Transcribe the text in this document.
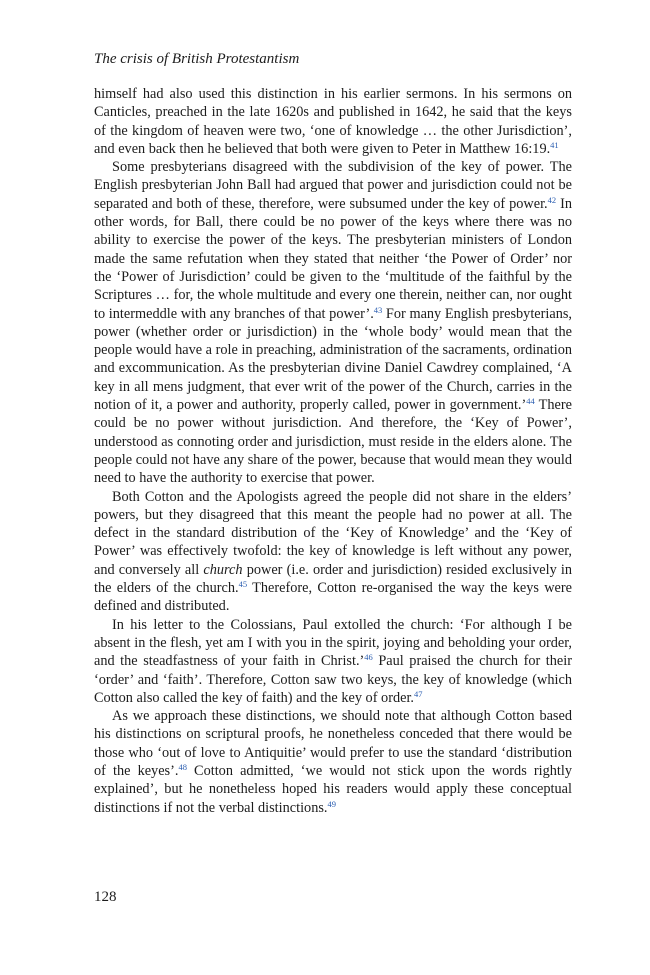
The crisis of British Protestantism

himself had also used this distinction in his earlier sermons. In his sermons on Canticles, preached in the late 1620s and published in 1642, he said that the keys of the kingdom of heaven were two, ‘one of knowledge … the other Jurisdiction’, and even back then he believed that both were given to Peter in Matthew 16:19.41

Some presbyterians disagreed with the subdivision of the key of power. The English presbyterian John Ball had argued that power and jurisdiction could not be separated and both of these, therefore, were subsumed under the key of power.$^{42}$ In other words, for Ball, there could be no power of the keys where there was no ability to exercise the power of the keys. The presbyterian ministers of London made the same refutation when they stated that neither ‘the Power of Order’ nor the ‘Power of Jurisdiction’ could be given to the ‘multitude of the faithful by the Scriptures … for, the whole multitude and every one therein, neither can, nor ought to intermeddle with any branches of that power’.$^{43}$ For many English presbyterians, power (whether order or jurisdiction) in the ‘whole body’ would mean that the people would have a role in preaching, administration of the sacraments, ordination and excommunication. As the presbyterian divine Daniel Cawdrey complained, ‘A key in all mens judgment, that ever writ of the power of the Church, carries in the notion of it, a power and authority, properly called, power in government.’$^{44}$ There could be no power without jurisdiction. And therefore, the ‘Key of Power’, understood as connoting order and jurisdiction, must reside in the elders alone. The people could not have any share of the power, because that would mean they would need to have the authority to exercise that power.

Both Cotton and the Apologists agreed the people did not share in the elders’ powers, but they disagreed that this meant the people had no power at all. The defect in the standard distribution of the ‘Key of Knowledge’ and the ‘Key of Power’ was effectively twofold: the key of knowledge is left without any power, and conversely all church power (i.e. order and jurisdiction) resided exclusively in the elders of the church.$^{45}$ Therefore, Cotton re-organised the way the keys were defined and distributed.

In his letter to the Colossians, Paul extolled the church: ‘For although I be absent in the flesh, yet am I with you in the spirit, joying and beholding your order, and the steadfastness of your faith in Christ.’$^{46}$ Paul praised the church for their ‘order’ and ‘faith’. Therefore, Cotton saw two keys, the key of knowledge (which Cotton also called the key of faith) and the key of order.$^{47}$

As we approach these distinctions, we should note that although Cotton based his distinctions on scriptural proofs, he nonetheless conceded that there would be those who ‘out of love to Antiquitie’ would prefer to use the standard ‘distribution of the keyes’.$^{48}$ Cotton admitted, ‘we would not stick upon the words rightly explained’, but he nonetheless hoped his readers would apply these conceptual distinctions if not the verbal distinctions.$^{49}$

128
